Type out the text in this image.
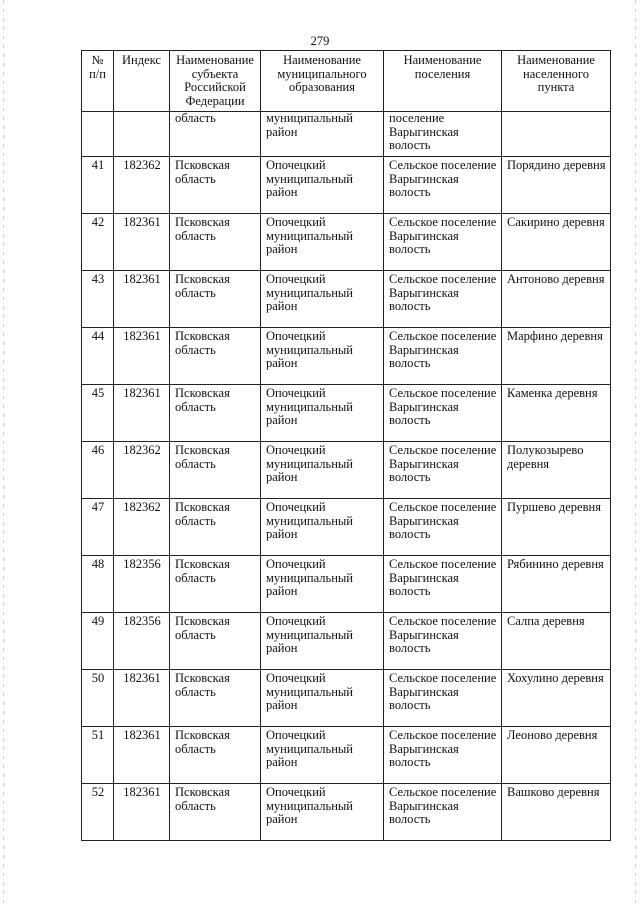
279
№ п/п	Индекс	Наименование субъекта Российской Федерации	Наименование муниципального образования	Наименование поселения	Наименование населенного пункта
		область	муниципальный район	поселение Варыгинская волость	
41	182362	Псковская область	Опочецкий муниципальный район	Сельское поселение Варыгинская волость	Порядино деревня
42	182361	Псковская область	Опочецкий муниципальный район	Сельское поселение Варыгинская волость	Сакирино деревня
43	182361	Псковская область	Опочецкий муниципальный район	Сельское поселение Варыгинская волость	Антоново деревня
44	182361	Псковская область	Опочецкий муниципальный район	Сельское поселение Варыгинская волость	Марфино деревня
45	182361	Псковская область	Опочецкий муниципальный район	Сельское поселение Варыгинская волость	Каменка деревня
46	182362	Псковская область	Опочецкий муниципальный район	Сельское поселение Варыгинская волость	Полукозырево деревня
47	182362	Псковская область	Опочецкий муниципальный район	Сельское поселение Варыгинская волость	Пуршево деревня
48	182356	Псковская область	Опочецкий муниципальный район	Сельское поселение Варыгинская волость	Рябинино деревня
49	182356	Псковская область	Опочецкий муниципальный район	Сельское поселение Варыгинская волость	Салпа деревня
50	182361	Псковская область	Опочецкий муниципальный район	Сельское поселение Варыгинская волость	Хохулино деревня
51	182361	Псковская область	Опочецкий муниципальный район	Сельское поселение Варыгинская волость	Леоново деревня
52	182361	Псковская область	Опочецкий муниципальный район	Сельское поселение Варыгинская волость	Вашково деревня
